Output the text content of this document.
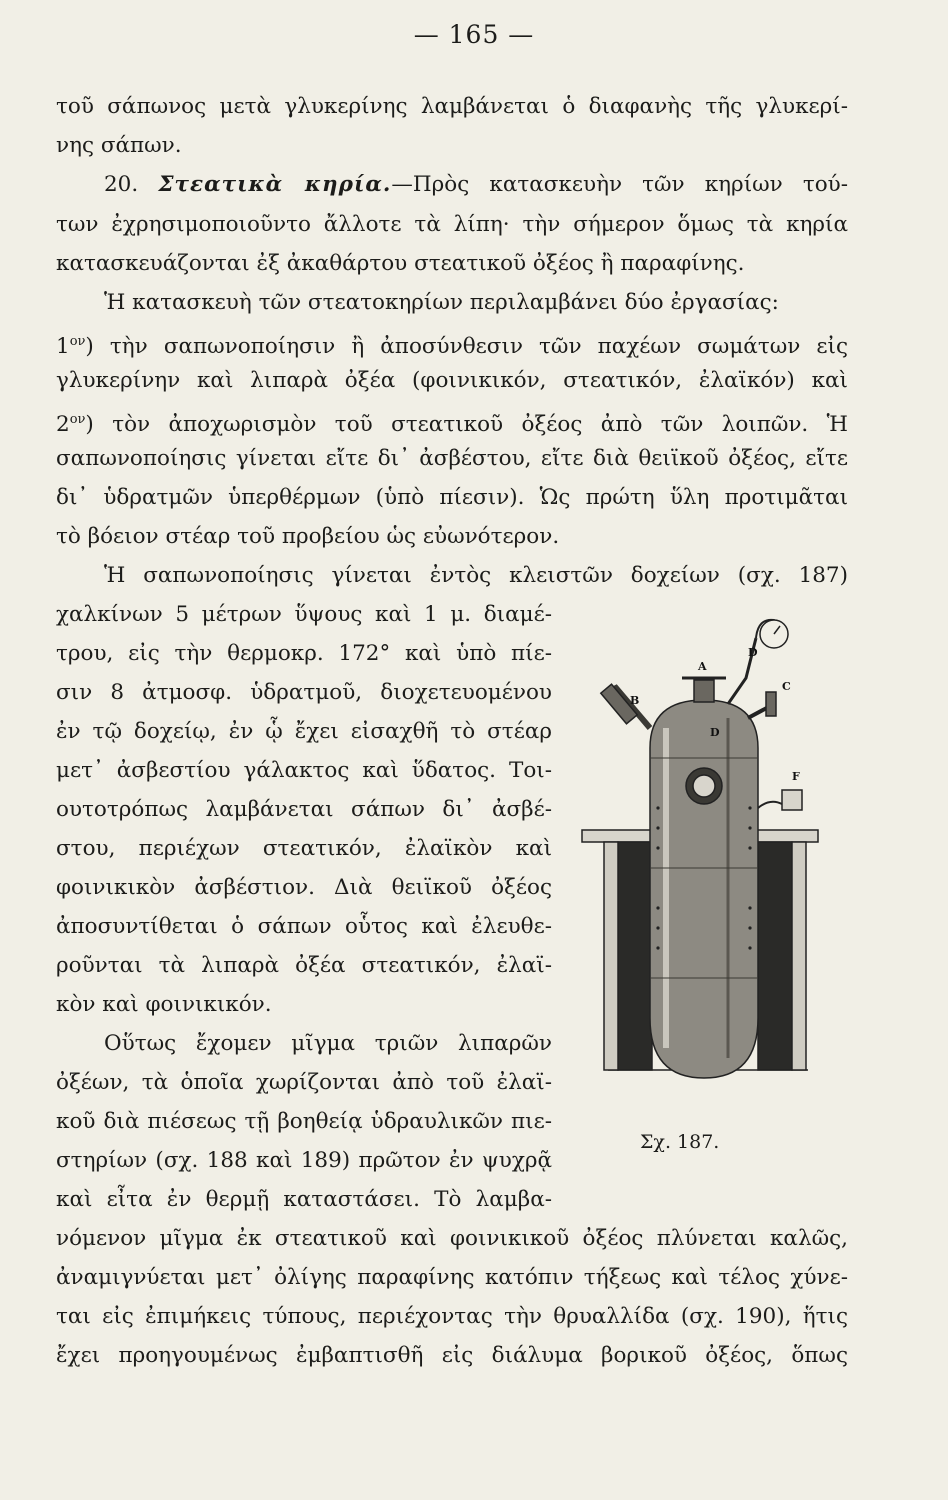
— 165 —
τοῦ σάπωνος μετὰ γλυκερίνης λαμβάνεται ὁ διαφανὴς τῆς γλυκερί-
νης σάπων.
20. Στεατικὰ κηρία.—Πρὸς κατασκευὴν τῶν κηρίων τού-
των ἐχρησιμοποιοῦντο ἄλλοτε τὰ λίπη· τὴν σήμερον ὅμως τὰ κηρία
κατασκευάζονται ἐξ ἀκαθάρτου στεατικοῦ ὀξέος ἢ παραφίνης.
Ἡ κατασκευὴ τῶν στεατοκηρίων περιλαμβάνει δύο ἐργασίας:
$1^{o\nu}$) τὴν σαπωνοποίησιν ἢ ἀποσύνθεσιν τῶν παχέων σωμάτων εἰς
γλυκερίνην καὶ λιπαρὰ ὀξέα (φοινικικόν, στεατικόν, ἐλαϊκόν) καὶ
$2^{o\nu}$) τὸν ἀποχωρισμὸν τοῦ στεατικοῦ ὀξέος ἀπὸ τῶν λοιπῶν. Ἡ
σαπωνοποίησις γίνεται εἴτε δι᾽ ἀσβέστου, εἴτε διὰ θειϊκοῦ ὀξέος, εἴτε
δι᾽ ὑδρατμῶν ὑπερθέρμων (ὑπὸ πίεσιν). Ὡς πρώτη ὕλη προτιμᾶται
τὸ βόειον στέαρ τοῦ προβείου ὡς εὐωνότερον.
Ἡ σαπωνοποίησις γίνεται ἐντὸς κλειστῶν δοχείων (σχ. 187)
χαλκίνων 5 μέτρων ὕψους καὶ 1 μ. διαμέ-
τρου, εἰς τὴν θερμοκρ. 172° καὶ ὑπὸ πίε-
σιν 8 ἀτμοσφ. ὑδρατμοῦ, διοχετευομένου
ἐν τῷ δοχείῳ, ἐν ᾧ ἔχει εἰσαχθῆ τὸ στέαρ
μετ᾽ ἀσβεστίου γάλακτος καὶ ὕδατος. Τοι-
ουτοτρόπως λαμβάνεται σάπων δι᾽ ἀσβέ-
στου, περιέχων στεατικόν, ἐλαϊκὸν καὶ
φοινικικὸν ἀσβέστιον. Διὰ θειϊκοῦ ὀξέος
ἀποσυντίθεται ὁ σάπων οὗτος καὶ ἐλευθε-
ροῦνται τὰ λιπαρὰ ὀξέα στεατικόν, ἐλαϊ-
κὸν καὶ φοινικικόν.
Οὕτως ἔχομεν μῖγμα τριῶν λιπαρῶν
ὀξέων, τὰ ὁποῖα χωρίζονται ἀπὸ τοῦ ἐλαϊ-
κοῦ διὰ πιέσεως τῇ βοηθείᾳ ὑδραυλικῶν πιε-
στηρίων (σχ. 188 καὶ 189) πρῶτον ἐν ψυχρᾷ
καὶ εἶτα ἐν θερμῇ καταστάσει. Τὸ λαμβα-
νόμενον μῖγμα ἐκ στεατικοῦ καὶ φοινικικοῦ ὀξέος πλύνεται καλῶς,
ἀναμιγνύεται μετ᾽ ὀλίγης παραφίνης κατόπιν τήξεως καὶ τέλος χύνε-
ται εἰς ἐπιμήκεις τύπους, περιέχοντας τὴν θρυαλλίδα (σχ. 190), ἥτις
ἔχει προηγουμένως ἐμβαπτισθῆ εἰς διάλυμα βορικοῦ ὀξέος, ὅπως
A
B
C
D
D
F
Σχ. 187.
